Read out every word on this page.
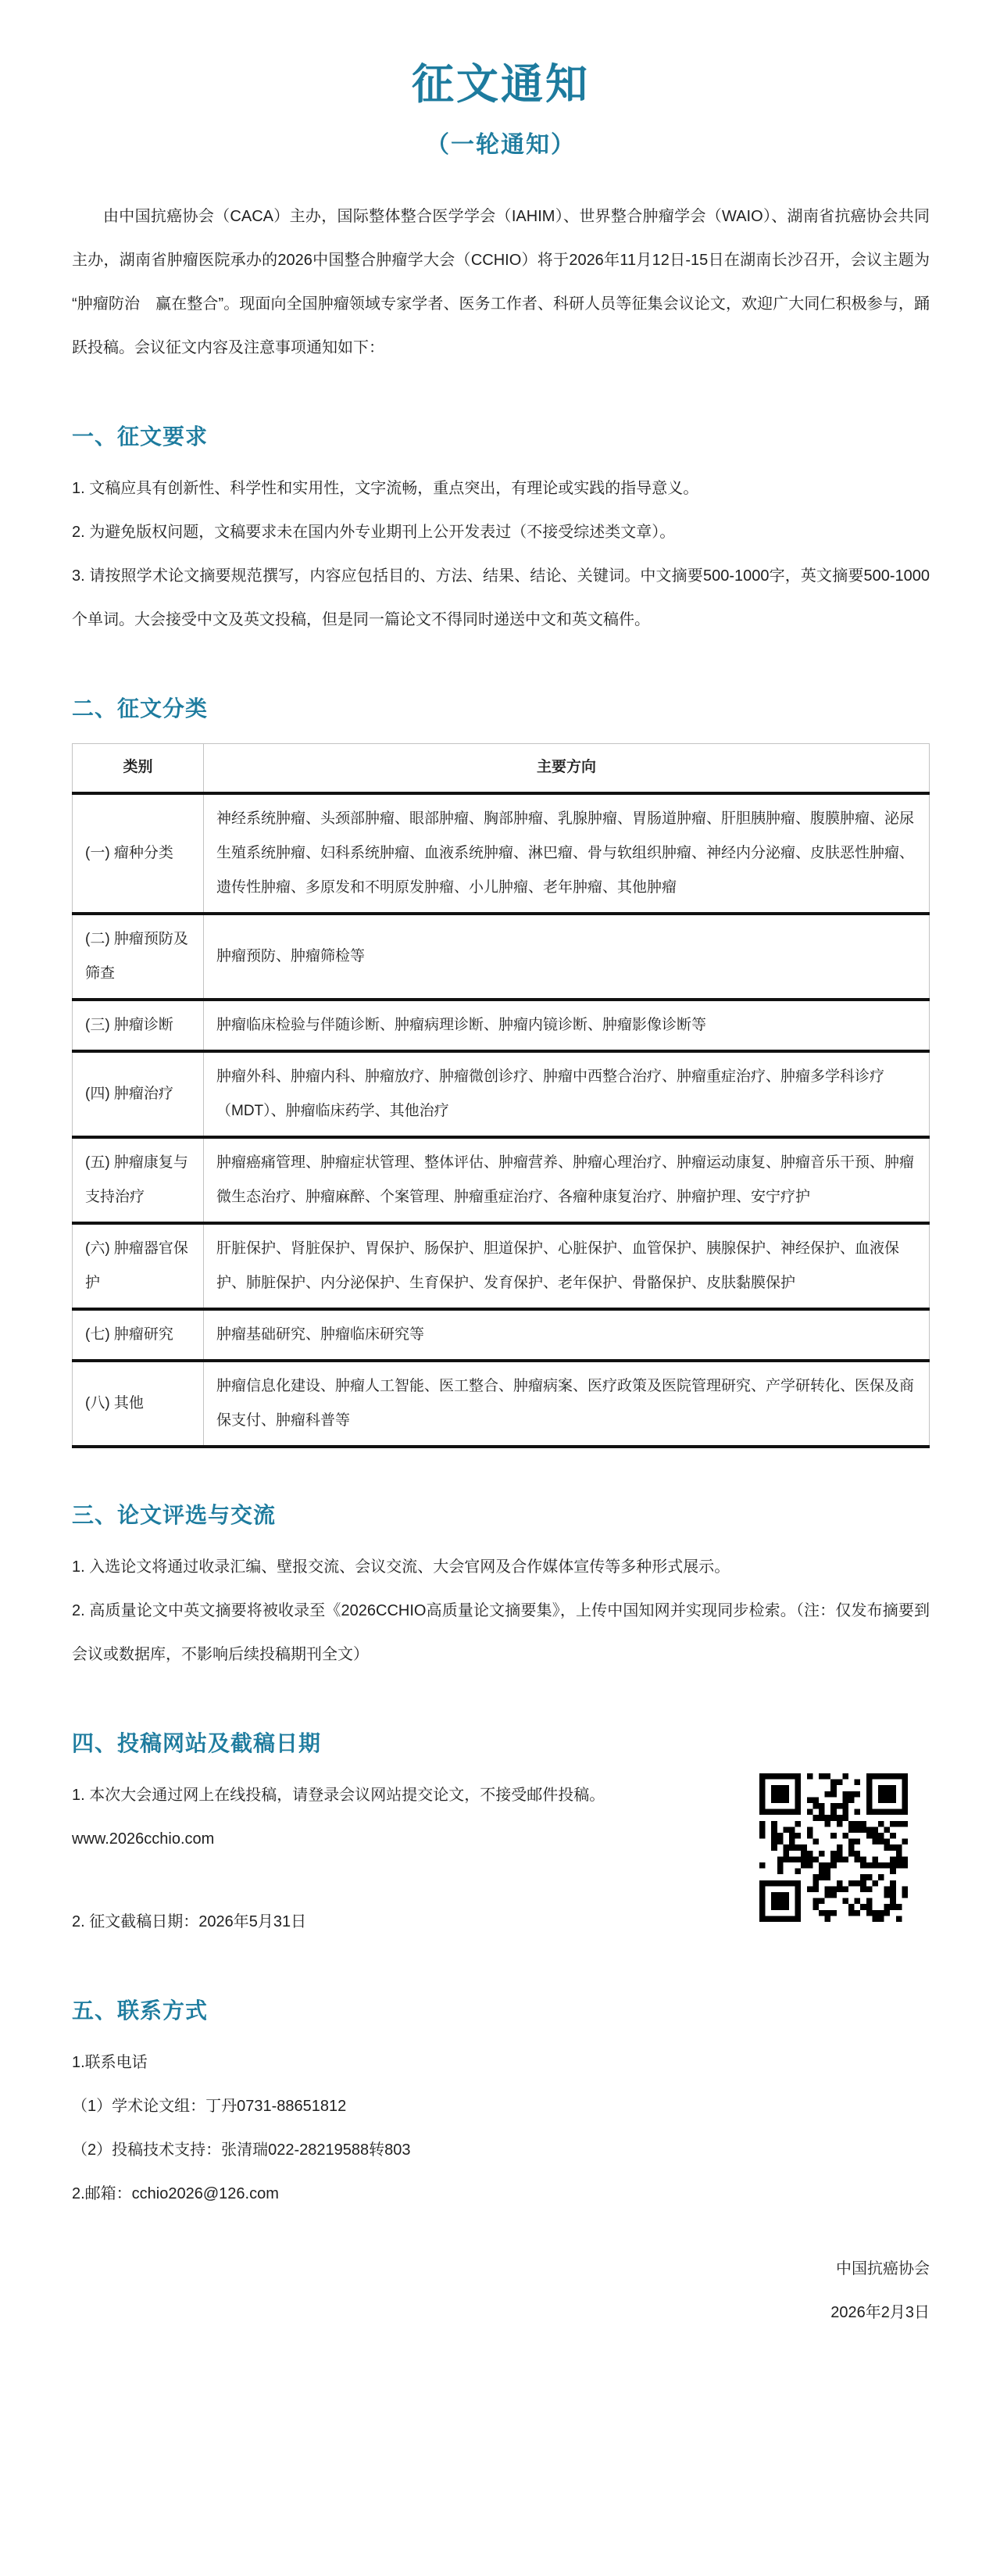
征文通知
（一轮通知）

由中国抗癌协会（CACA）主办，国际整体整合医学学会（IAHIM）、世界整合肿瘤学会（WAIO）、湖南省抗癌协会共同主办，湖南省肿瘤医院承办的2026中国整合肿瘤学大会（CCHIO）将于2026年11月12日-15日在湖南长沙召开，会议主题为“肿瘤防治　赢在整合”。现面向全国肿瘤领域专家学者、医务工作者、科研人员等征集会议论文，欢迎广大同仁积极参与，踊跃投稿。会议征文内容及注意事项通知如下：

一、征文要求

1. 文稿应具有创新性、科学性和实用性，文字流畅，重点突出，有理论或实践的指导意义。

2. 为避免版权问题，文稿要求未在国内外专业期刊上公开发表过（不接受综述类文章）。

3. 请按照学术论文摘要规范撰写，内容应包括目的、方法、结果、结论、关键词。中文摘要500-1000字，英文摘要500-1000个单词。大会接受中文及英文投稿，但是同一篇论文不得同时递送中文和英文稿件。

二、征文分类
类别	主要方向
(一) 瘤种分类	神经系统肿瘤、头颈部肿瘤、眼部肿瘤、胸部肿瘤、乳腺肿瘤、胃肠道肿瘤、肝胆胰肿瘤、腹膜肿瘤、泌尿生殖系统肿瘤、妇科系统肿瘤、血液系统肿瘤、淋巴瘤、骨与软组织肿瘤、神经内分泌瘤、皮肤恶性肿瘤、遗传性肿瘤、多原发和不明原发肿瘤、小儿肿瘤、老年肿瘤、其他肿瘤
(二) 肿瘤预防及筛查	肿瘤预防、肿瘤筛检等
(三) 肿瘤诊断	肿瘤临床检验与伴随诊断、肿瘤病理诊断、肿瘤内镜诊断、肿瘤影像诊断等
(四) 肿瘤治疗	肿瘤外科、肿瘤内科、肿瘤放疗、肿瘤微创诊疗、肿瘤中西整合治疗、肿瘤重症治疗、肿瘤多学科诊疗（MDT）、肿瘤临床药学、其他治疗
(五) 肿瘤康复与支持治疗	肿瘤癌痛管理、肿瘤症状管理、整体评估、肿瘤营养、肿瘤心理治疗、肿瘤运动康复、肿瘤音乐干预、肿瘤微生态治疗、肿瘤麻醉、个案管理、肿瘤重症治疗、各瘤种康复治疗、肿瘤护理、安宁疗护
(六) 肿瘤器官保护	肝脏保护、肾脏保护、胃保护、肠保护、胆道保护、心脏保护、血管保护、胰腺保护、神经保护、血液保护、肺脏保护、内分泌保护、生育保护、发育保护、老年保护、骨骼保护、皮肤黏膜保护
(七) 肿瘤研究	肿瘤基础研究、肿瘤临床研究等
(八) 其他	肿瘤信息化建设、肿瘤人工智能、医工整合、肿瘤病案、医疗政策及医院管理研究、产学研转化、医保及商保支付、肿瘤科普等
三、论文评选与交流

1. 入选论文将通过收录汇编、壁报交流、会议交流、大会官网及合作媒体宣传等多种形式展示。

2. 高质量论文中英文摘要将被收录至《2026CCHIO高质量论文摘要集》，上传中国知网并实现同步检索。（注：仅发布摘要到会议或数据库，不影响后续投稿期刊全文）

四、投稿网站及截稿日期

1. 本次大会通过网上在线投稿，请登录会议网站提交论文，不接受邮件投稿。

www.2026cchio.com

2. 征文截稿日期：2026年5月31日

五、联系方式

1.联系电话

（1）学术论文组：丁丹0731-88651812

（2）投稿技术支持：张清瑞022-28219588转803

2.邮箱：cchio2026@126.com

中国抗癌协会

2026年2月3日
